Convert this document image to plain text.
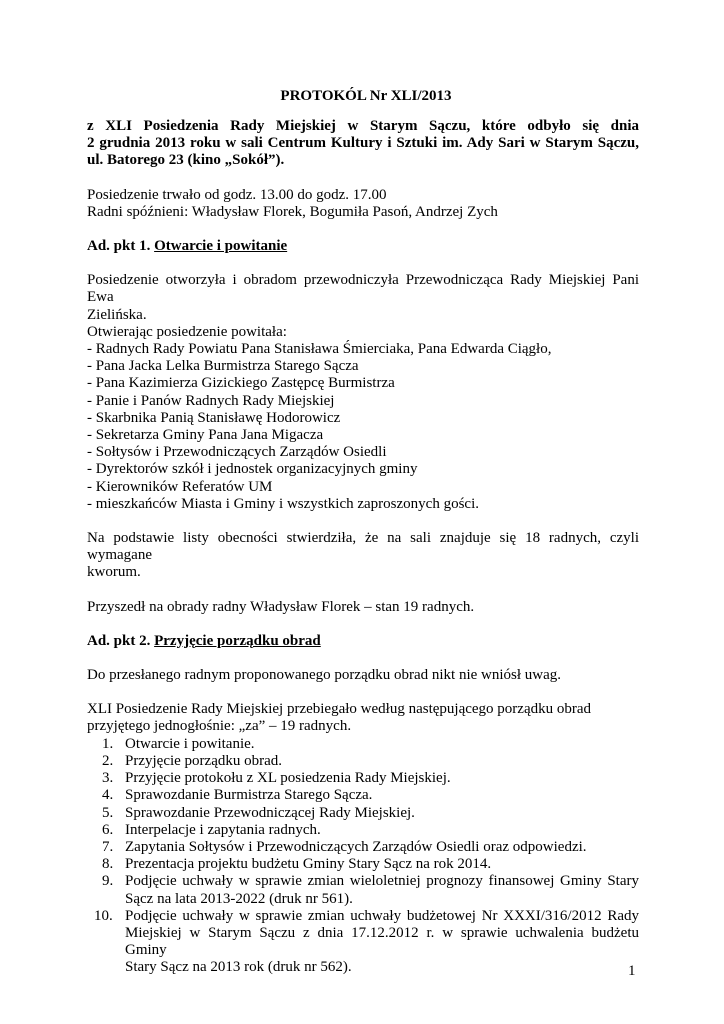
PROTOKÓL Nr XLI/2013

z XLI Posiedzenia Rady Miejskiej w Starym Sączu, które odbyło się dnia
2 grudnia 2013 roku w sali Centrum Kultury i Sztuki im. Ady Sari w Starym Sączu,
ul. Batorego 23 (kino „Sokół”).

Posiedzenie trwało od godz. 13.00 do godz. 17.00

Radni spóźnieni: Władysław Florek, Bogumiła Pasoń, Andrzej Zych

Ad. pkt 1. Otwarcie i powitanie

Posiedzenie otworzyła i obradom przewodniczyła Przewodnicząca Rady Miejskiej Pani Ewa
Zielińska.

Otwierając posiedzenie powitała:

- Radnych Rady Powiatu Pana Stanisława Śmierciaka, Pana Edwarda Ciągło,

- Pana Jacka Lelka Burmistrza Starego Sącza

- Pana Kazimierza Gizickiego Zastępcę Burmistrza

- Panie i Panów Radnych Rady Miejskiej

- Skarbnika Panią Stanisławę Hodorowicz

- Sekretarza Gminy Pana Jana Migacza

- Sołtysów i Przewodniczących Zarządów Osiedli

- Dyrektorów szkół i jednostek organizacyjnych gminy

- Kierowników Referatów UM

- mieszkańców Miasta i Gminy i wszystkich zaproszonych gości.

Na podstawie listy obecności stwierdziła, że na sali znajduje się 18 radnych, czyli wymagane
kworum.

Przyszedł na obrady radny Władysław Florek – stan 19 radnych.

Ad. pkt 2. Przyjęcie porządku obrad

Do przesłanego radnym proponowanego porządku obrad nikt nie wniósł uwag.

XLI Posiedzenie Rady Miejskiej przebiegało według następującego porządku obrad
przyjętego jednogłośnie: „za” – 19 radnych.

1. Otwarcie i powitanie.
2. Przyjęcie porządku obrad.
3. Przyjęcie protokołu z XL posiedzenia Rady Miejskiej.
4. Sprawozdanie Burmistrza Starego Sącza.
5. Sprawozdanie Przewodniczącej Rady Miejskiej.
6. Interpelacje i zapytania radnych.
7. Zapytania Sołtysów i Przewodniczących Zarządów Osiedli oraz odpowiedzi.
8. Prezentacja projektu budżetu Gminy Stary Sącz na rok 2014.
9. Podjęcie uchwały w sprawie zmian wieloletniej prognozy finansowej Gminy Stary
Sącz na lata 2013-2022 (druk nr 561).
10. Podjęcie uchwały w sprawie zmian uchwały budżetowej Nr XXXI/316/2012 Rady
Miejskiej w Starym Sączu z dnia 17.12.2012 r. w sprawie uchwalenia budżetu Gminy
Stary Sącz na 2013 rok (druk nr 562).	1
